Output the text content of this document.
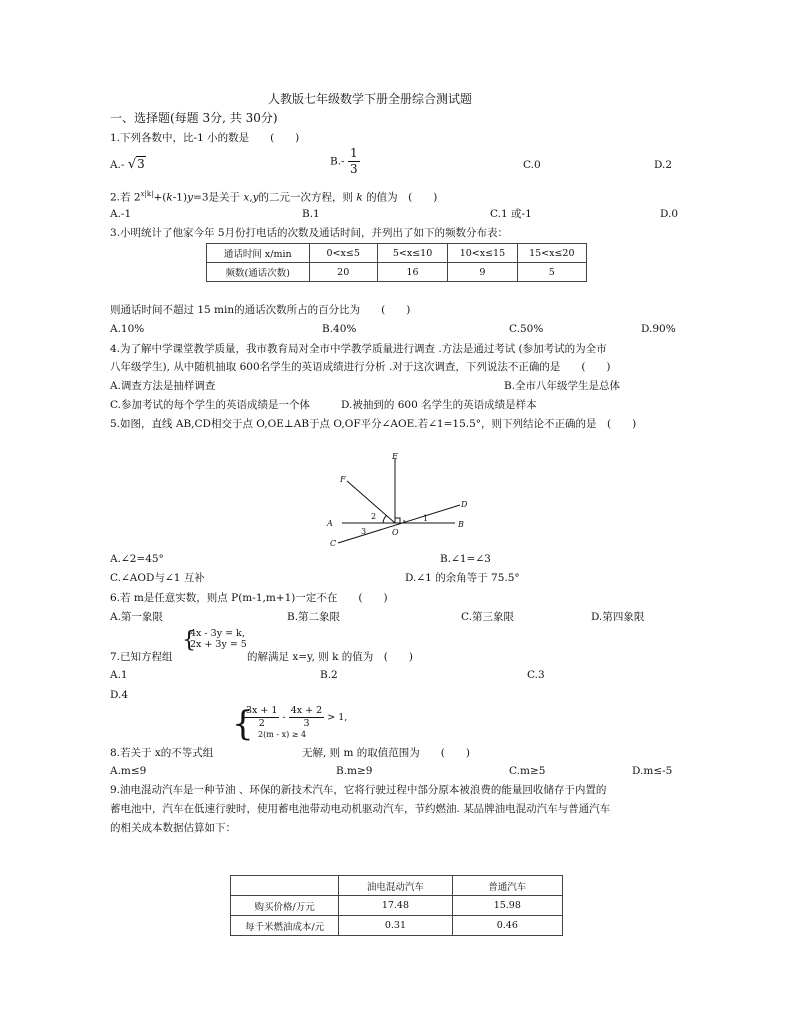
人教版七年级数学下册全册综合测试题
一、选择题(每题 3分, 共 30分)
1.下列各数中，比-1 小的数是　　(　　)
A.- √3	$B.- \frac{1}{3}$	C.0	D.2
2.若 $2^{x|k|}+(k-1)y=3$是关于 x,y的二元一次方程，则 k 的值为　(　　)
A.-1	B.1	C.1 或-1	D.0
3.小明统计了他家今年 5月份打电话的次数及通话时间，并列出了如下的频数分布表：
通话时间 x/min	0<x≤5	5<x≤10	10<x≤15	15<x≤20
频数(通话次数)	20	16	9	5
则通话时间不超过 15 min的通话次数所占的百分比为　　(　　)
A.10%	B.40%	C.50%	D.90%
4.为了解中学课堂教学质量，我市教育局对全市中学教学质量进行调查 .方法是通过考试 (参加考试的为全市
八年级学生), 从中随机抽取 600名学生的英语成绩进行分析 .对于这次调查，下列说法不正确的是　　(　　)
A.调查方法是抽样调查	B.全市八年级学生是总体
C.参加考试的每个学生的英语成绩是一个体	D.被抽到的 600 名学生的英语成绩是样本
5.如图，直线 AB,CD相交于点 O,OE⊥AB于点 O,OF平分∠AOE.若∠1=15.5°，则下列结论不正确的是　(　　)
E
F
D
A	B
C
O
1
2
3
A.∠2=45°	B.∠1=∠3
C.∠AOD与∠1 互补	D.∠1 的余角等于 75.5°
6.若 m是任意实数，则点 P(m-1,m+1)一定不在　　(　　)
A.第一象限	B.第二象限	C.第三象限	D.第四象限
{
4x - 3y = k,
2x + 3y = 5
7.已知方程组	的解满足 x=y, 则 k 的值为　(　　)
A.1	B.2	C.3
D.4
{
$\frac{3x + 1}{2} - \frac{4x + 2}{3} > 1$,
2(m - x) ≥ 4
8.若关于 x的不等式组	无解, 则 m 的取值范围为　　(　　)
A.m≤9	B.m≥9	C.m≥5	D.m≤-5
9.油电混动汽车是一种节油 、环保的新技术汽车，它将行驶过程中部分原本被浪费的能量回收储存于内置的
蓄电池中，汽车在低速行驶时，使用蓄电池带动电动机驱动汽车，节约燃油. 某品牌油电混动汽车与普通汽车
的相关成本数据估算如下：
	油电混动汽车	普通汽车
购买价格/万元	17.48	15.98
每千米燃油成本/元	0.31	0.46
